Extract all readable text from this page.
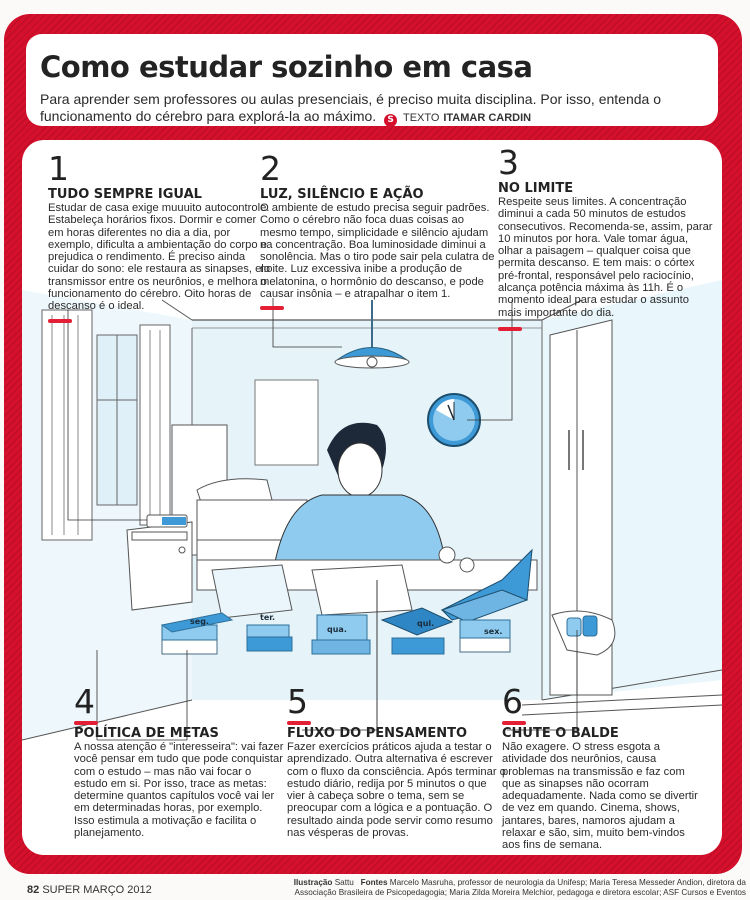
Como estudar sozinho em casa

Para aprender sem professores ou aulas presenciais, é preciso muita disciplina. Por isso, entenda o funcionamento do cérebro para explorá-la ao máximo. S TEXTO ITAMAR CARDIN

seg.	ter.
qua.
qui.
sex.
1
TUDO SEMPRE IGUAL
Estudar de casa exige muuuito autocontrole. Estabeleça horários fixos. Dormir e comer em horas diferentes no dia a dia, por exemplo, dificulta a ambientação do corpo e prejudica o rendimento. É preciso ainda cuidar do sono: ele restaura as sinapses, elo transmissor entre os neurônios, e melhora o funcionamento do cérebro. Oito horas de descanso é o ideal.
2
LUZ, SILÊNCIO E AÇÃO
O ambiente de estudo precisa seguir padrões. Como o cérebro não foca duas coisas ao mesmo tempo, simplicidade e silêncio ajudam na concentração. Boa luminosidade diminui a sonolência. Mas o tiro pode sair pela culatra de noite. Luz excessiva inibe a produção de melatonina, o hormônio do descanso, e pode causar insônia – e atrapalhar o item 1.
3
NO LIMITE
Respeite seus limites. A concentração diminui a cada 50 minutos de estudos consecutivos. Recomenda-se, assim, parar 10 minutos por hora. Vale tomar água, olhar a paisagem – qualquer coisa que permita descanso. E tem mais: o córtex pré-frontal, responsável pelo raciocínio, alcança potência máxima às 11h. É o momento ideal para estudar o assunto mais importante do dia.
4
POLÍTICA DE METAS
A nossa atenção é "interesseira": vai fazer você pensar em tudo que pode conquistar com o estudo – mas não vai focar o estudo em si. Por isso, trace as metas: determine quantos capítulos você vai ler em determinadas horas, por exemplo. Isso estimula a motivação e facilita o planejamento.
5
FLUXO DO PENSAMENTO
Fazer exercícios práticos ajuda a testar o aprendizado. Outra alternativa é escrever com o fluxo da consciência. Após terminar o estudo diário, redija por 5 minutos o que vier à cabeça sobre o tema, sem se preocupar com a lógica e a pontuação. O resultado ainda pode servir como resumo nas vésperas de provas.
6
CHUTE O BALDE
Não exagere. O stress esgota a atividade dos neurônios, causa problemas na transmissão e faz com que as sinapses não ocorram adequadamente. Nada como se divertir de vez em quando. Cinema, shows, jantares, bares, namoros ajudam a relaxar e são, sim, muito bem-vindos aos fins de semana.
82 SUPER MARÇO 2012
Ilustração Sattu Fontes Marcelo Masruha, professor de neurologia da Unifesp; Maria Teresa Messeder Andion, diretora da Associação Brasileira de Psicopedagogia; Maria Zilda Moreira Melchior, pedagoga e diretora escolar; ASF Cursos e Eventos
